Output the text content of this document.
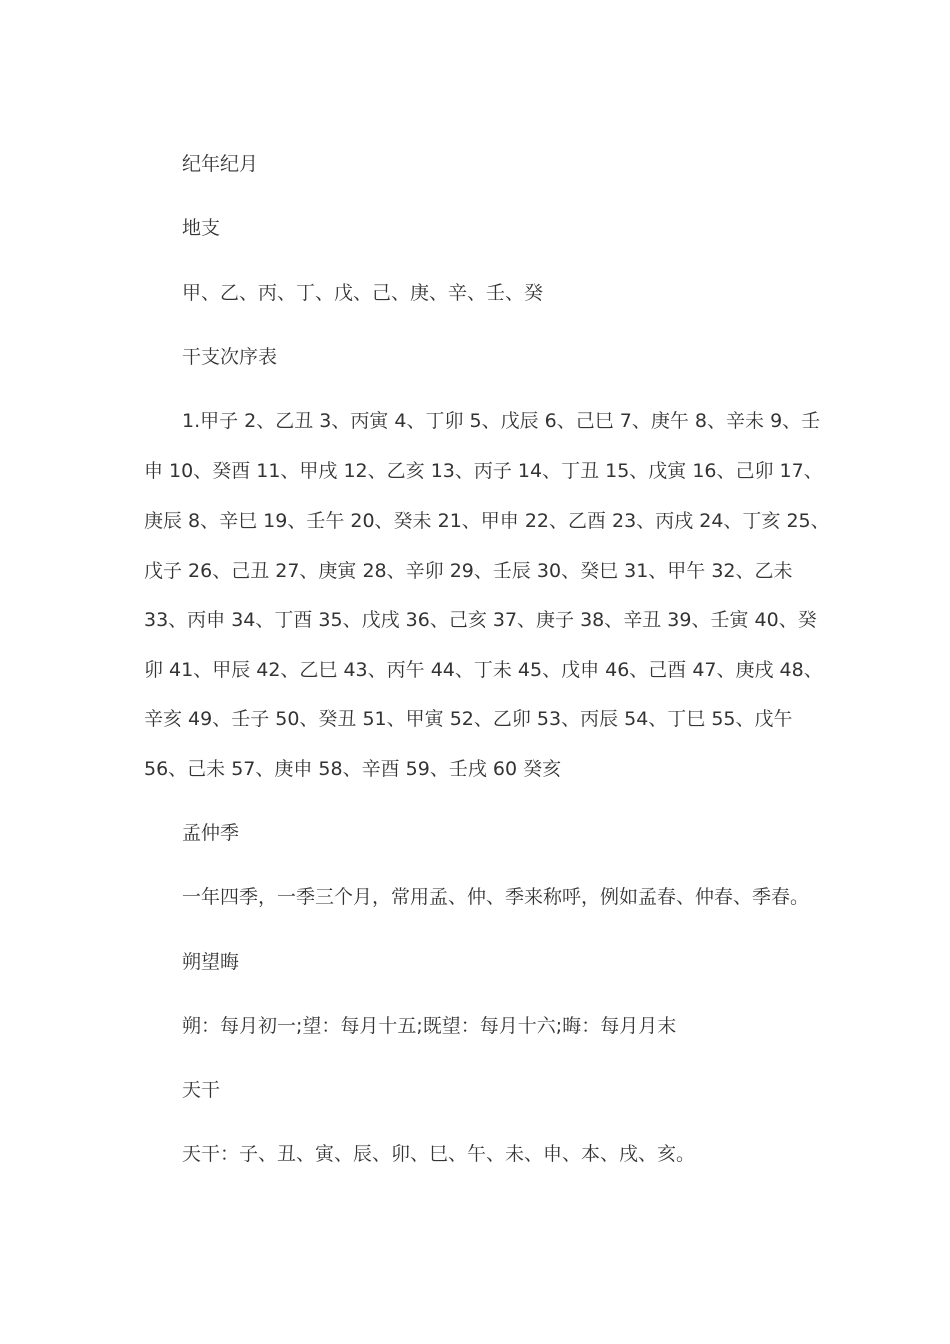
纪年纪月
地支
甲、乙、丙、丁、戊、己、庚、辛、壬、癸
干支次序表
1.甲子 2、乙丑 3、丙寅 4、丁卯 5、戊辰 6、己巳 7、庚午 8、辛未 9、壬
申 10、癸酉 11、甲戌 12、乙亥 13、丙子 14、丁丑 15、戊寅 16、己卯 17、
庚辰 8、辛巳 19、壬午 20、癸未 21、甲申 22、乙酉 23、丙戌 24、丁亥 25、
戊子 26、己丑 27、庚寅 28、辛卯 29、壬辰 30、癸巳 31、甲午 32、乙未
33、丙申 34、丁酉 35、戊戌 36、己亥 37、庚子 38、辛丑 39、壬寅 40、癸
卯 41、甲辰 42、乙巳 43、丙午 44、丁未 45、戊申 46、己酉 47、庚戌 48、
辛亥 49、壬子 50、癸丑 51、甲寅 52、乙卯 53、丙辰 54、丁巳 55、戊午
56、己未 57、庚申 58、辛酉 59、壬戌 60 癸亥
孟仲季
一年四季，一季三个月，常用孟、仲、季来称呼，例如孟春、仲春、季春。
朔望晦
朔：每月初一;望：每月十五;既望：每月十六;晦：每月月末
天干
天干：子、丑、寅、辰、卯、巳、午、未、申、本、戌、亥。
